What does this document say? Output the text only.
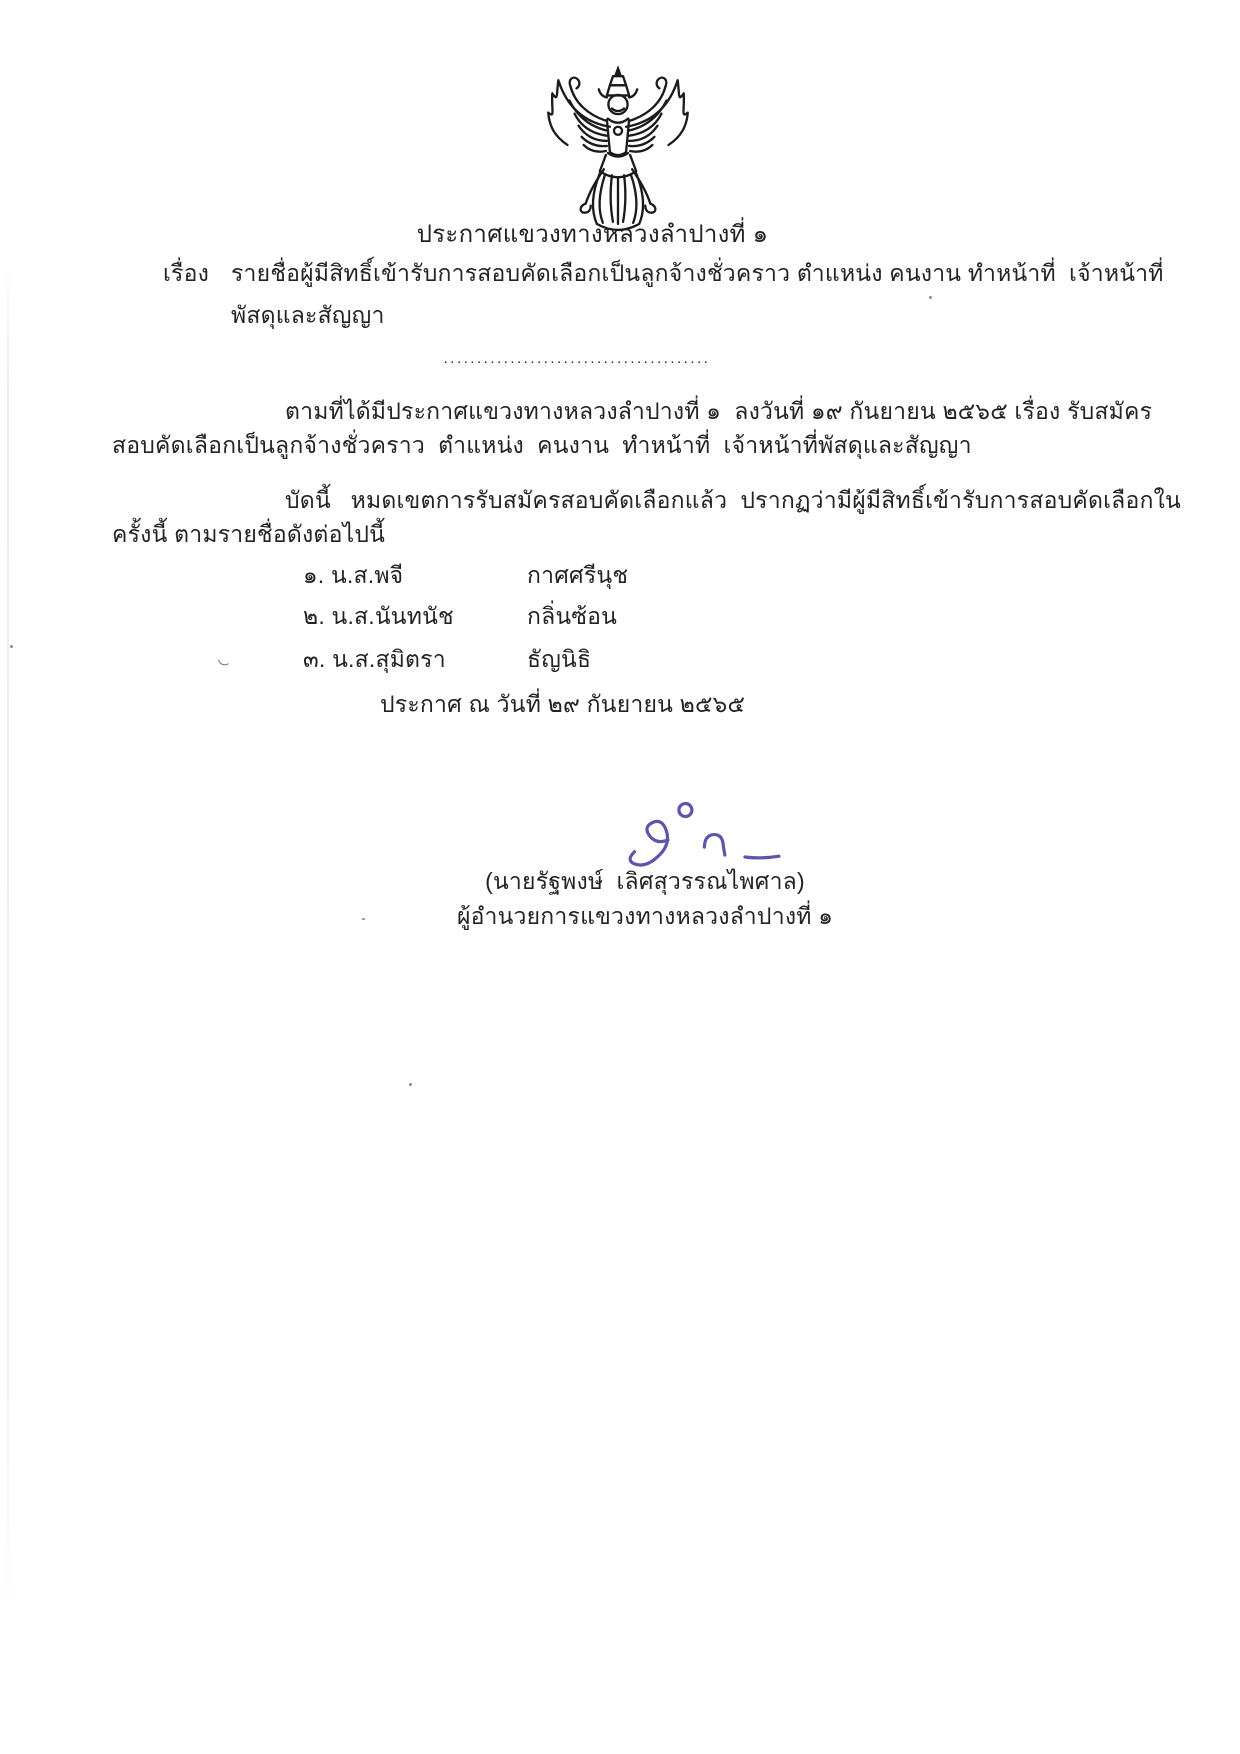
ประกาศแขวงทางหลวงลำปางที่ ๑
เรื่อง รายชื่อผู้มีสิทธิ์เข้ารับการสอบคัดเลือกเป็นลูกจ้างชั่วคราว ตำแหน่ง คนงาน ทำหน้าที่  เจ้าหน้าที่
พัสดุและสัญญา
........................................
ตามที่ได้มีประกาศแขวงทางหลวงลำปางที่ ๑  ลงวันที่ ๑๙ กันยายน ๒๕๖๕ เรื่อง รับสมัคร
สอบคัดเลือกเป็นลูกจ้างชั่วคราว  ตำแหน่ง  คนงาน  ทำหน้าที่  เจ้าหน้าที่พัสดุและสัญญา
บัดนี้   หมดเขตการรับสมัครสอบคัดเลือกแล้ว  ปรากฏว่ามีผู้มีสิทธิ์เข้ารับการสอบคัดเลือกใน
ครั้งนี้ ตามรายชื่อดังต่อไปนี้
๑. น.ส.พจี	กาศศรีนุช
๒. น.ส.นันทนัช	กลิ่นซ้อน
๓. น.ส.สุมิตรา	ธัญนิธิ
ประกาศ ณ วันที่ ๒๙ กันยายน ๒๕๖๕

(นายรัฐพงษ์  เลิศสุวรรณไพศาล)
ผู้อำนวยการแขวงทางหลวงลำปางที่ ๑
